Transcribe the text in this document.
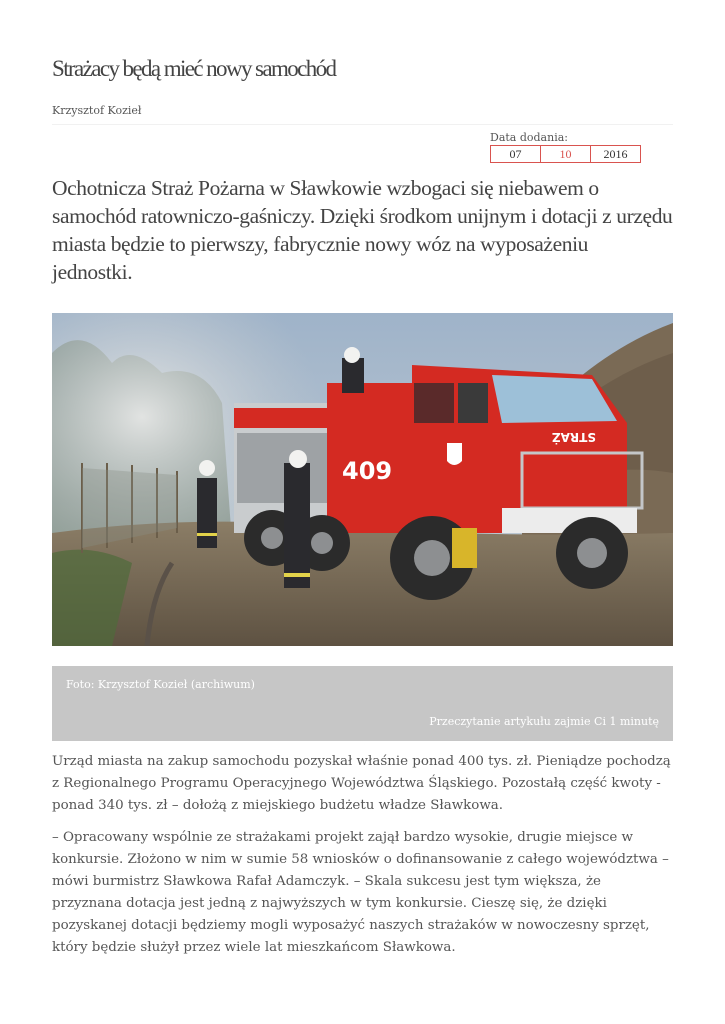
Strażacy będą mieć nowy samochód
Krzysztof Kozieł
Data dodania:
07	10	2016

Ochotnicza Straż Pożarna w Sławkowie wzbogaci się niebawem o samochód ratowniczo-gaśniczy. Dzięki środkom unijnym i dotacji z urzędu miasta będzie to pierwszy, fabrycznie nowy wóz na wyposażeniu jednostki.

409
STRAŻ
Foto: Krzysztof Kozieł (archiwum)
Przeczytanie artykułu zajmie Ci 1 minutę

Urząd miasta na zakup samochodu pozyskał właśnie ponad 400 tys. zł. Pieniądze pochodzą z Regionalnego Programu Operacyjnego Województwa Śląskiego. Pozostałą część kwoty - ponad 340 tys. zł – dołożą z miejskiego budżetu władze Sławkowa.

– Opracowany wspólnie ze strażakami projekt zajął bardzo wysokie, drugie miejsce w konkursie. Złożono w nim w sumie 58 wniosków o dofinansowanie z całego województwa – mówi burmistrz Sławkowa Rafał Adamczyk. – Skala sukcesu jest tym większa, że przyznana dotacja jest jedną z najwyższych w tym konkursie. Cieszę się, że dzięki pozyskanej dotacji będziemy mogli wyposażyć naszych strażaków w nowoczesny sprzęt, który będzie służył przez wiele lat mieszkańcom Sławkowa.
